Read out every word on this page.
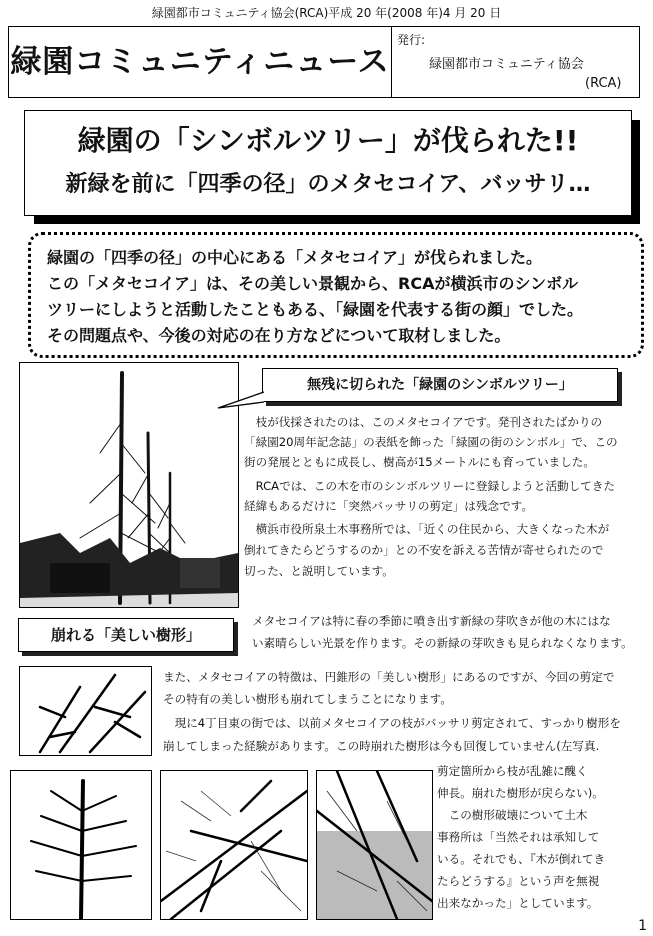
緑園都市コミュニティ協会(RCA)平成 20 年(2008 年)4 月 20 日
緑園コミュニティニュース
発行:
緑園都市コミュニティ協会
(RCA)
緑園の「シンボルツリー」が伐られた!!
新緑を前に「四季の径」のメタセコイア、バッサリ…

緑園の「四季の径」の中心にある「メタセコイア」が伐られました。

この「メタセコイア」は、その美しい景観から、RCAが横浜市のシンボル

ツリーにしようと活動したこともある、「緑園を代表する街の顔」でした。

その問題点や、今後の対応の在り方などについて取材しました。

無残に切られた「緑園のシンボルツリー」

　枝が伐採されたのは、このメタセコイアです。発刊されたばかりの

「緑園20周年記念誌」の表紙を飾った「緑園の街のシンボル」で、この

街の発展とともに成長し、樹高が15メートルにも育っていました。

　RCAでは、この木を市のシンボルツリーに登録しようと活動してきた

経緯もあるだけに「突然バッサリの剪定」は残念です。

　横浜市役所泉土木事務所では、「近くの住民から、大きくなった木が

倒れてきたらどうするのか」との不安を訴える苦情が寄せられたので

切った、と説明しています。

崩れる「美しい樹形」

メタセコイアは特に春の季節に噴き出す新緑の芽吹きが他の木にはな

い素晴らしい光景を作ります。その新緑の芽吹きも見られなくなります。

また、メタセコイアの特徴は、円錐形の「美しい樹形」にあるのですが、今回の剪定で

その特有の美しい樹形も崩れてしまうことになります。

　現に4丁目東の街では、以前メタセコイアの枝がバッサリ剪定されて、すっかり樹形を

崩してしまった経験があります。この時崩れた樹形は今も回復していません(左写真.

剪定箇所から枝が乱雑に醜く

伸長。崩れた樹形が戻らない)。

　この樹形破壊について土木

事務所は「当然それは承知して

いる。それでも、『木が倒れてき

たらどうする』という声を無視

出来なかった」としています。

1
